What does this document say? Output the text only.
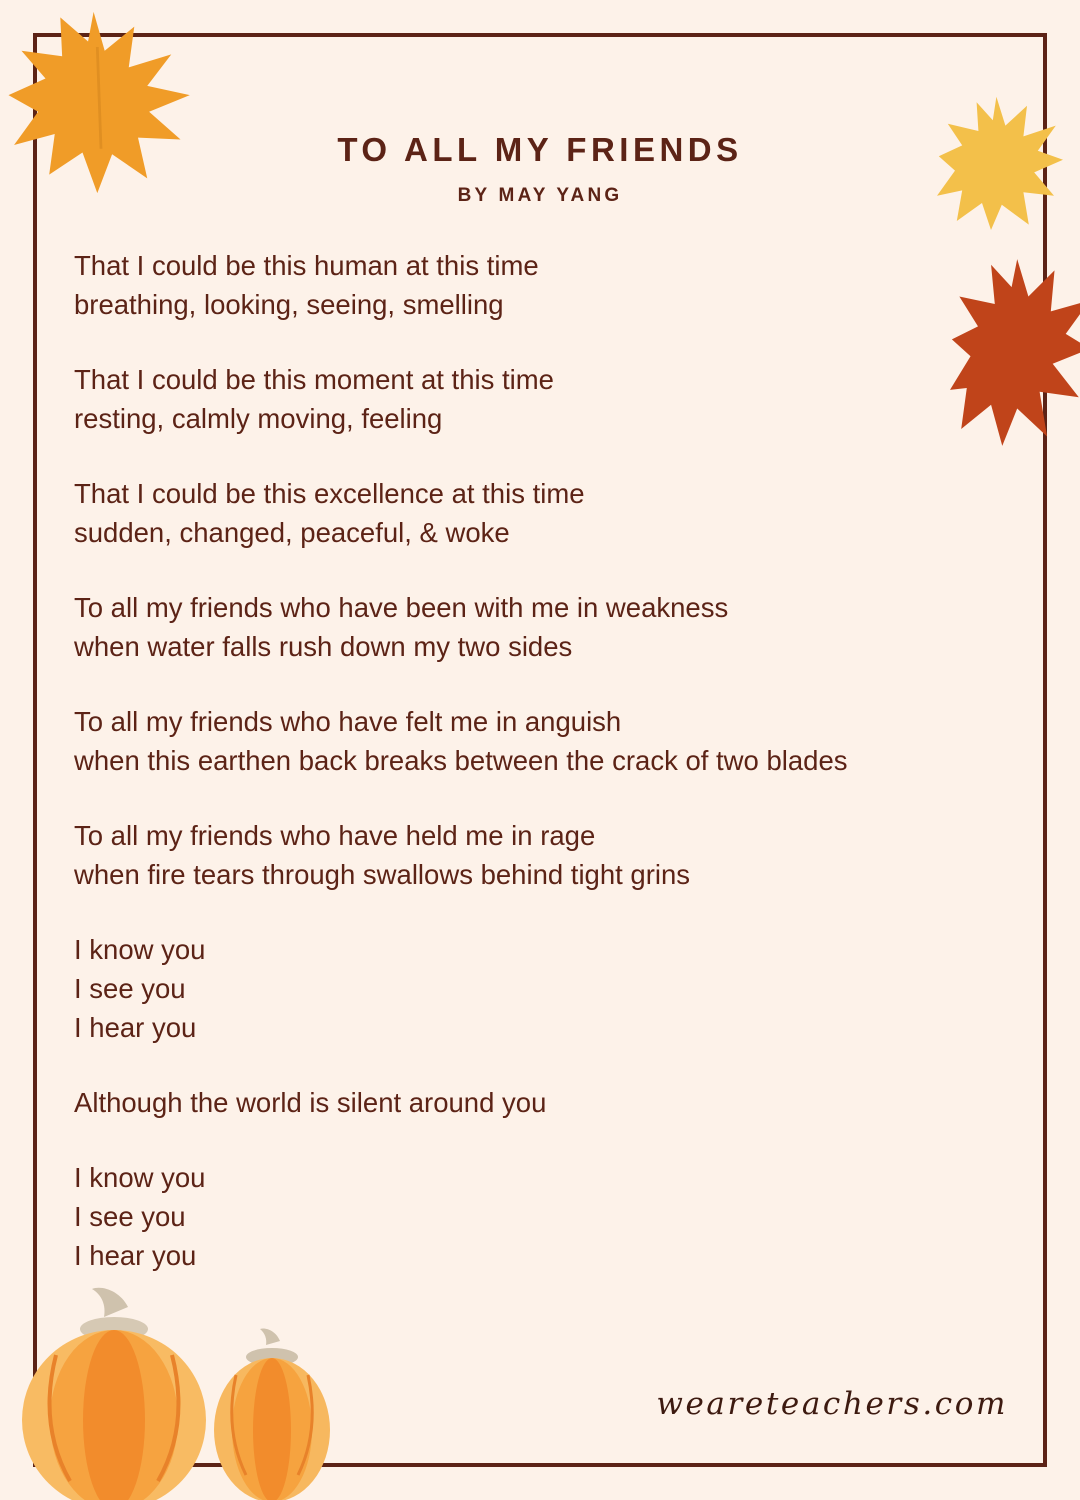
TO ALL MY FRIENDS
BY MAY YANG

That I could be this human at this time
breathing, looking, seeing, smelling

That I could be this moment at this time
resting, calmly moving, feeling

That I could be this excellence at this time
sudden, changed, peaceful, & woke

To all my friends who have been with me in weakness
when water falls rush down my two sides

To all my friends who have felt me in anguish
when this earthen back breaks between the crack of two blades

To all my friends who have held me in rage
when fire tears through swallows behind tight grins

I know you
I see you
I hear you

Although the world is silent around you

I know you
I see you
I hear you

weareteachers.com
